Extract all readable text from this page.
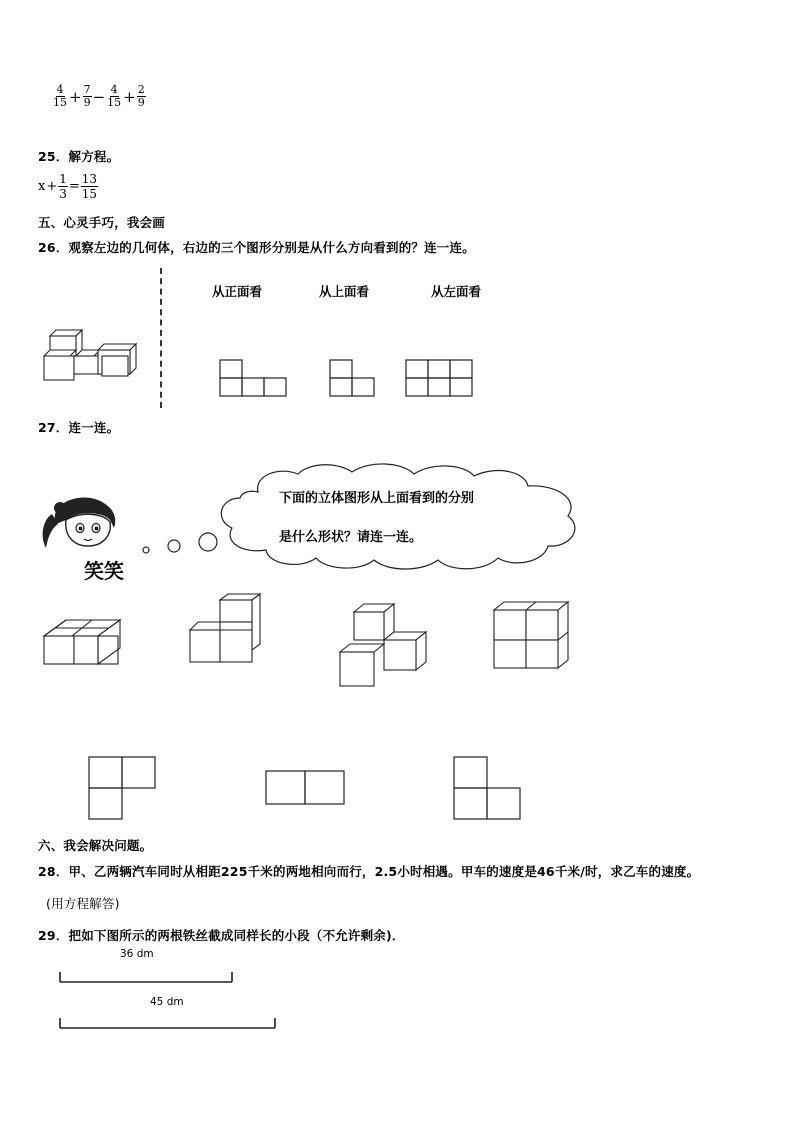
$\frac{4}{15} + \frac{7}{9} - \frac{4}{15} + \frac{2}{9}$
25．解方程。
$x + \frac{1}{3} = \frac{13}{15}$
五、心灵手巧，我会画
26．观察左边的几何体，右边的三个图形分别是从什么方向看到的？连一连。
从正面看	从上面看	从左面看
27．连一连。
笑笑
下面的立体图形从上面看到的分别
是什么形状？请连一连。
六、我会解决问题。
28．甲、乙两辆汽车同时从相距225千米的两地相向而行，2.5小时相遇。甲车的速度是46千米/时，求乙车的速度。
(用方程解答)
29．把如下图所示的两根铁丝截成同样长的小段（不允许剩余)．
36 dm
45 dm
